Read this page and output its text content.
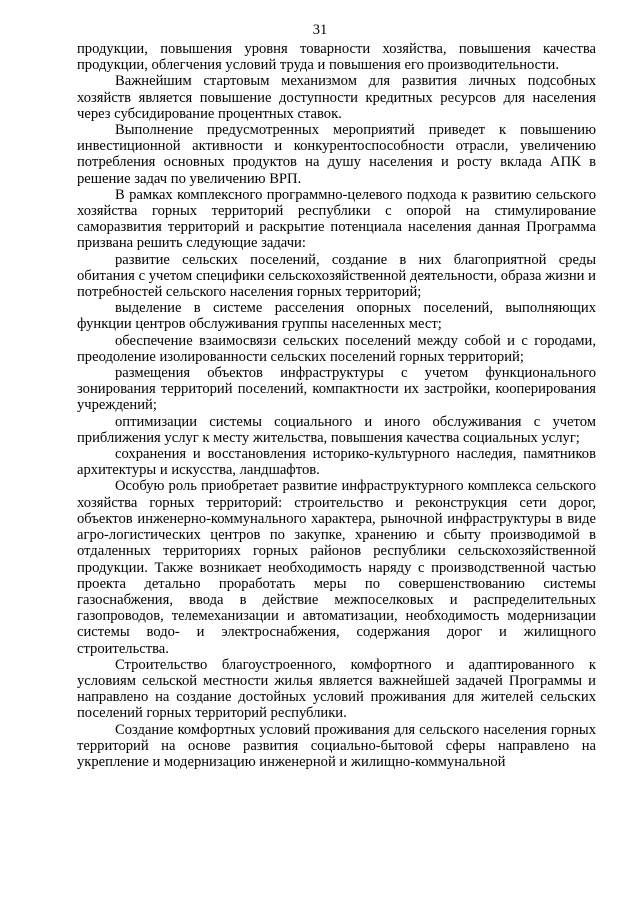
31

продукции, повышения уровня товарности хозяйства, повышения качества продукции, облегчения условий труда и повышения его производительности.

Важнейшим стартовым механизмом для развития личных подсобных хозяйств является повышение доступности кредитных ресурсов для населения через субсидирование процентных ставок.

Выполнение предусмотренных мероприятий приведет к повышению инвестиционной активности и конкурентоспособности отрасли, увеличению потребления основных продуктов на душу населения и росту вклада АПК в решение задач по увеличению ВРП.

В рамках комплексного программно-целевого подхода к развитию сельского хозяйства горных территорий республики с опорой на стимулирование саморазвития территорий и раскрытие потенциала населения данная Программа призвана решить следующие задачи:

развитие сельских поселений, создание в них благоприятной среды обитания с учетом специфики сельскохозяйственной деятельности, образа жизни и потребностей сельского населения горных территорий;

выделение в системе расселения опорных поселений, выполняющих функции центров обслуживания группы населенных мест;

обеспечение взаимосвязи сельских поселений между собой и с городами, преодоление изолированности сельских поселений горных территорий;

размещения объектов инфраструктуры с учетом функционального зонирования территорий поселений, компактности их застройки, кооперирования учреждений;

оптимизации системы социального и иного обслуживания с учетом приближения услуг к месту жительства, повышения качества социальных услуг;

сохранения и восстановления историко-культурного наследия, памятников архитектуры и искусства, ландшафтов.

Особую роль приобретает развитие инфраструктурного комплекса сельского хозяйства горных территорий: строительство и реконструкция сети дорог, объектов инженерно-коммунального характера, рыночной инфраструктуры в виде агро-логистических центров по закупке, хранению и сбыту производимой в отдаленных территориях горных районов республики сельскохозяйственной продукции. Также возникает необходимость наряду с производственной частью проекта детально проработать меры по совершенствованию системы газоснабжения, ввода в действие межпоселковых и распределительных газопроводов, телемеханизации и автоматизации, необходимость модернизации системы водо- и электроснабжения, содержания дорог и жилищного строительства.

Строительство благоустроенного, комфортного и адаптированного к условиям сельской местности жилья является важнейшей задачей Программы и направлено на создание достойных условий проживания для жителей сельских поселений горных территорий республики.

Создание комфортных условий проживания для сельского населения горных территорий на основе развития социально-бытовой сферы направлено на укрепление и модернизацию инженерной и жилищно-коммунальной
